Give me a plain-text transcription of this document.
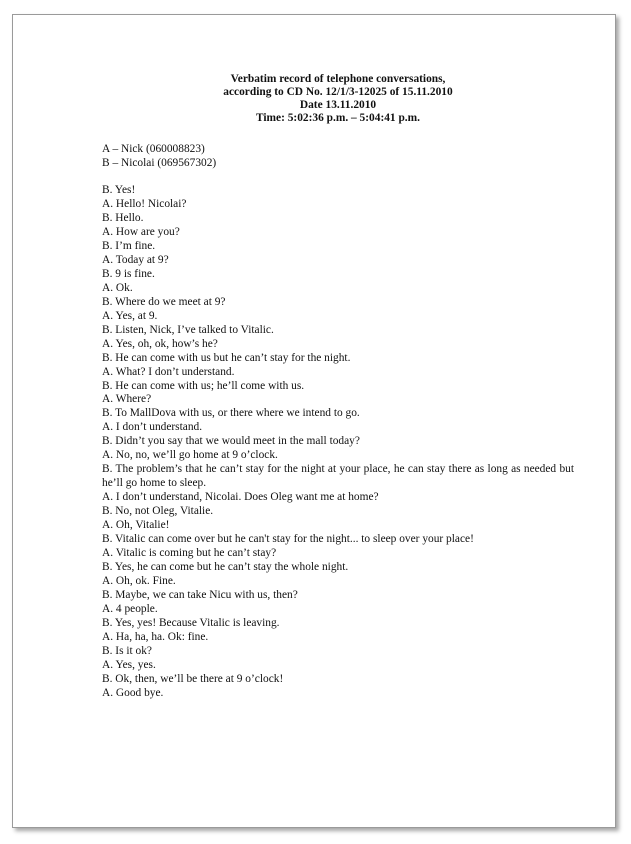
Verbatim record of telephone conversations,
according to CD No. 12/1/3-12025 of 15.11.2010
Date 13.11.2010
Time: 5:02:36 p.m. – 5:04:41 p.m.
A – Nick (060008823)
B – Nicolai (069567302)
B. Yes!
A. Hello! Nicolai?
B. Hello.
A. How are you?
B. I’m fine.
A. Today at 9?
B. 9 is fine.
A. Ok.
B. Where do we meet at 9?
A. Yes, at 9.
B. Listen, Nick, I’ve talked to Vitalic.
A. Yes, oh, ok, how’s he?
B. He can come with us but he can’t stay for the night.
A. What? I don’t understand.
B. He can come with us; he’ll come with us.
A. Where?
B. To MallDova with us, or there where we intend to go.
A. I don’t understand.
B. Didn’t you say that we would meet in the mall today?
A. No, no, we’ll go home at 9 o’clock.
B. The problem’s that he can’t stay for the night at your place, he can stay there as long as needed but he’ll go home to sleep.
A. I don’t understand, Nicolai. Does Oleg want me at home?
B. No, not Oleg, Vitalie.
A. Oh, Vitalie!
B. Vitalic can come over but he can't stay for the night... to sleep over your place!
A. Vitalic is coming but he can’t stay?
B. Yes, he can come but he can’t stay the whole night.
A. Oh, ok. Fine.
B. Maybe, we can take Nicu with us, then?
A. 4 people.
B. Yes, yes! Because Vitalic is leaving.
A. Ha, ha, ha. Ok: fine.
B. Is it ok?
A. Yes, yes.
B. Ok, then, we’ll be there at 9 o’clock!
A. Good bye.
